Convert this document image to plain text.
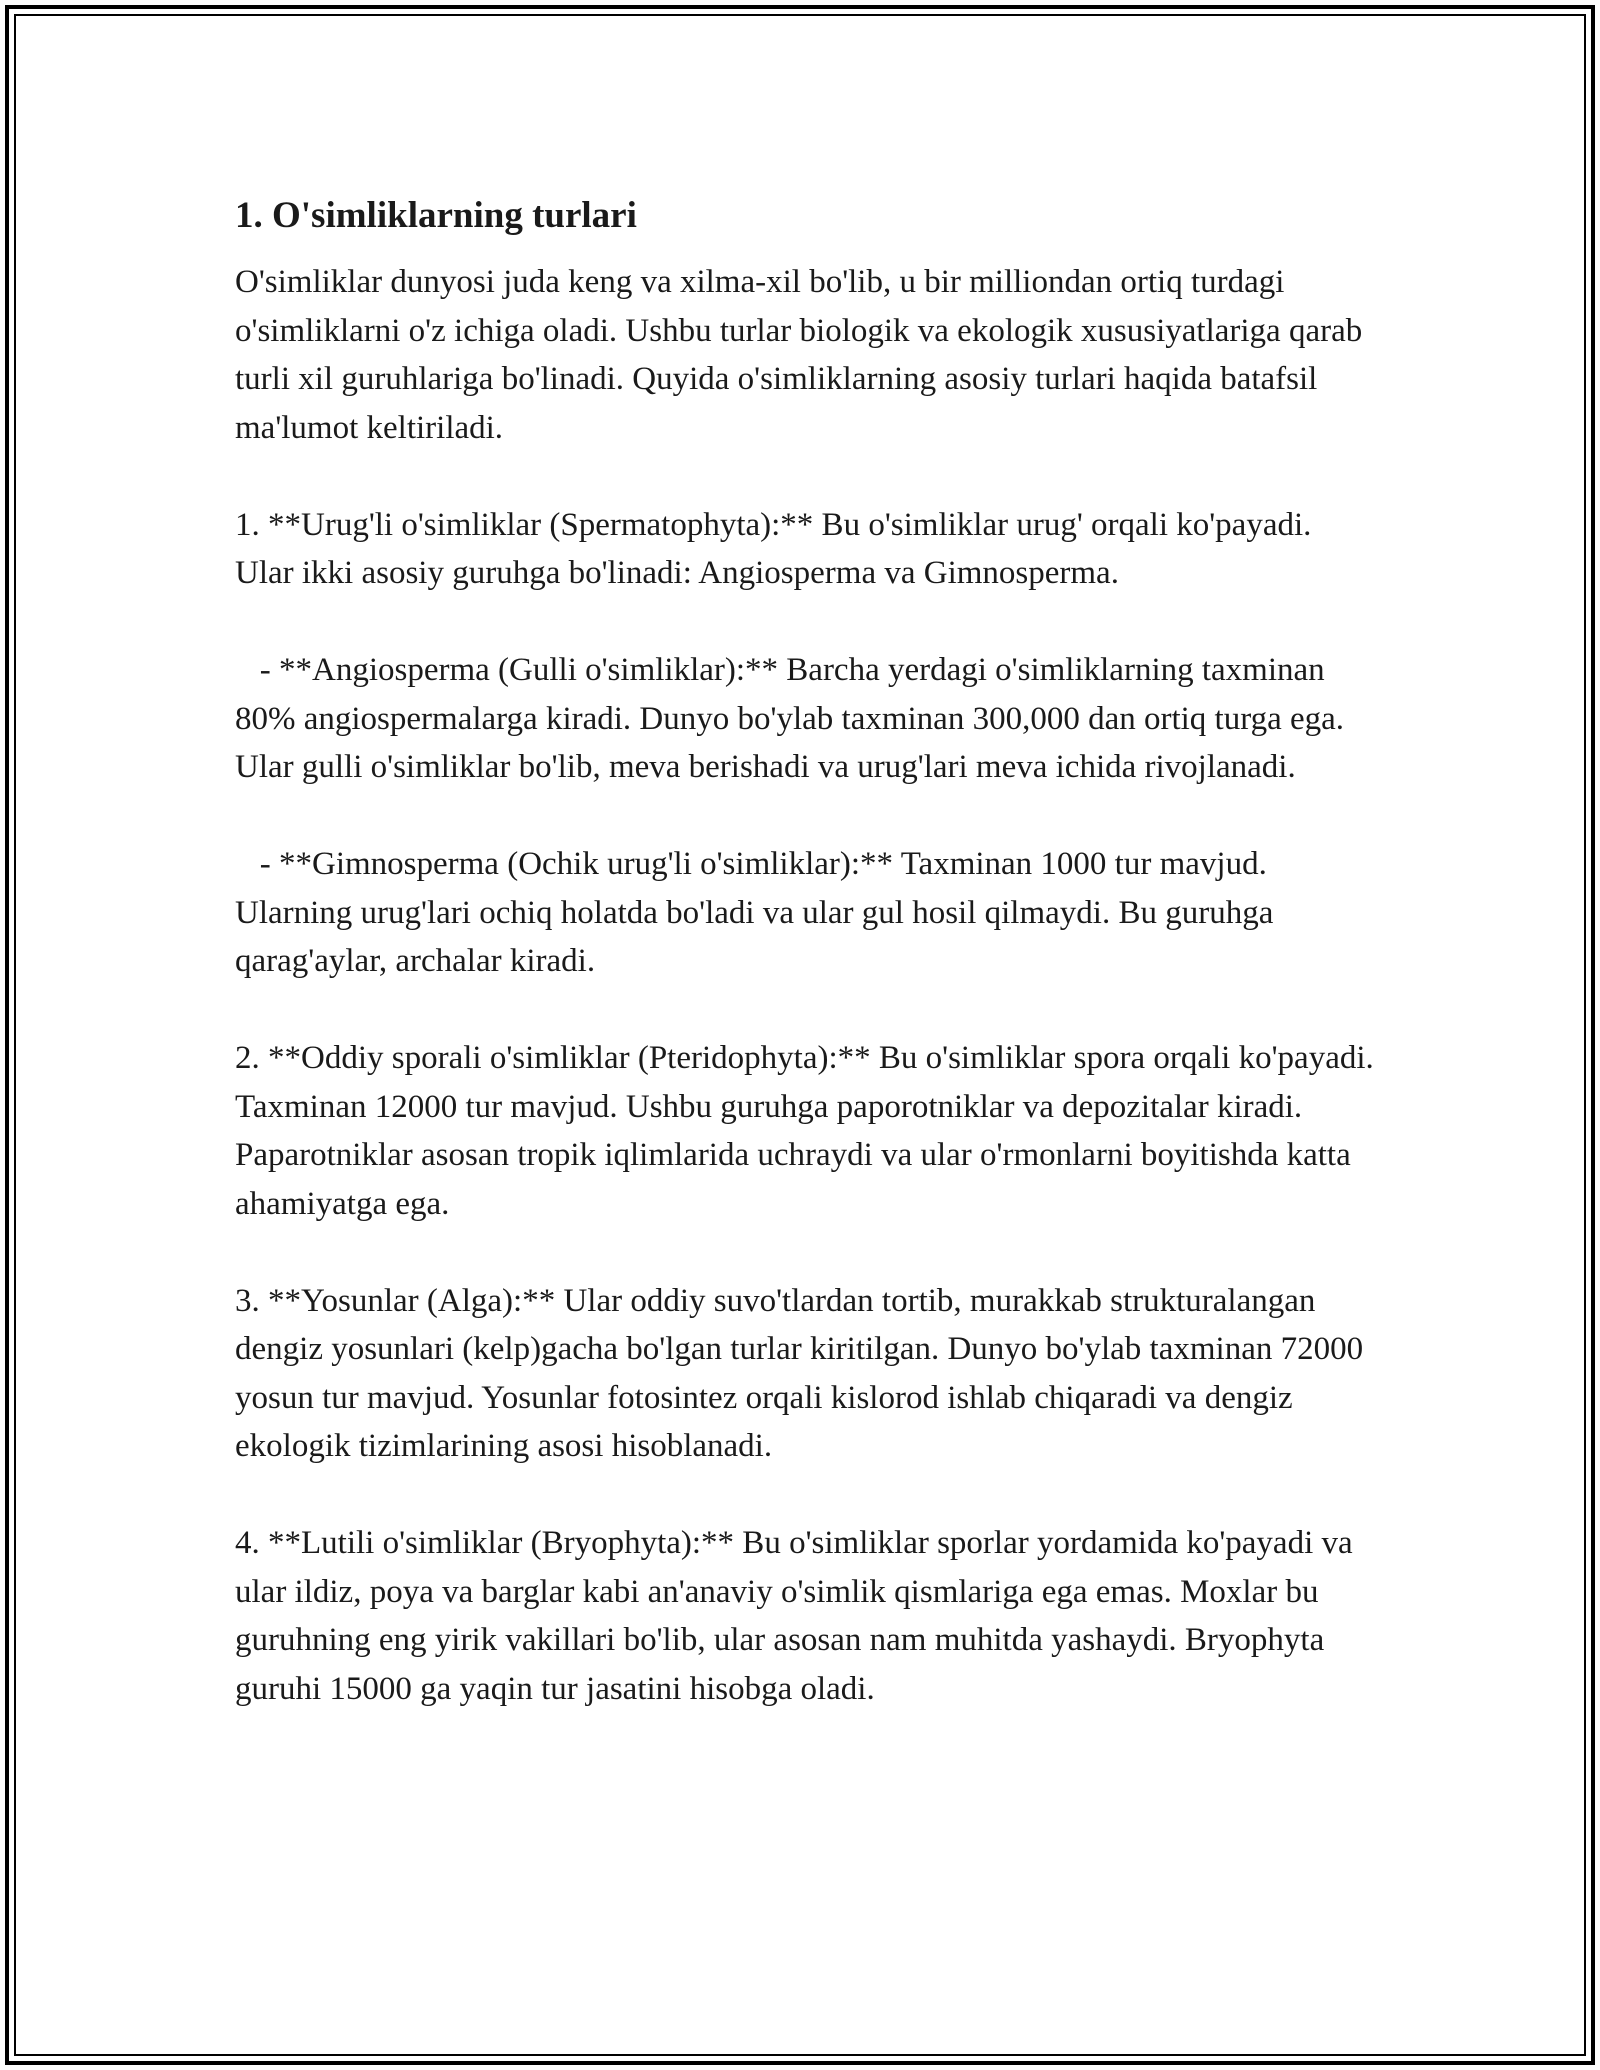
1. O'simliklarning turlari

O'simliklar dunyosi juda keng va xilma-xil bo'lib, u bir milliondan ortiq turdagi o'simliklarni o'z ichiga oladi. Ushbu turlar biologik va ekologik xususiyatlariga qarab turli xil guruhlariga bo'linadi. Quyida o'simliklarning asosiy turlari haqida batafsil ma'lumot keltiriladi.

1. **Urug'li o'simliklar (Spermatophyta):** Bu o'simliklar urug' orqali ko'payadi. Ular ikki asosiy guruhga bo'linadi: Angiosperma va Gimnosperma.

- **Angiosperma (Gulli o'simliklar):** Barcha yerdagi o'simliklarning taxminan 80% angiospermalarga kiradi. Dunyo bo'ylab taxminan 300,000 dan ortiq turga ega. Ular gulli o'simliklar bo'lib, meva berishadi va urug'lari meva ichida rivojlanadi.

- **Gimnosperma (Ochik urug'li o'simliklar):** Taxminan 1000 tur mavjud. Ularning urug'lari ochiq holatda bo'ladi va ular gul hosil qilmaydi. Bu guruhga qarag'aylar, archalar kiradi.

2. **Oddiy sporali o'simliklar (Pteridophyta):** Bu o'simliklar spora orqali ko'payadi. Taxminan 12000 tur mavjud. Ushbu guruhga paporotniklar va depozitalar kiradi. Paparotniklar asosan tropik iqlimlarida uchraydi va ular o'rmonlarni boyitishda katta ahamiyatga ega.

3. **Yosunlar (Alga):** Ular oddiy suvo'tlardan tortib, murakkab strukturalangan dengiz yosunlari (kelp)gacha bo'lgan turlar kiritilgan. Dunyo bo'ylab taxminan 72000 yosun tur mavjud. Yosunlar fotosintez orqali kislorod ishlab chiqaradi va dengiz ekologik tizimlarining asosi hisoblanadi.

4. **Lutili o'simliklar (Bryophyta):** Bu o'simliklar sporlar yordamida ko'payadi va ular ildiz, poya va barglar kabi an'anaviy o'simlik qismlariga ega emas. Moxlar bu guruhning eng yirik vakillari bo'lib, ular asosan nam muhitda yashaydi. Bryophyta guruhi 15000 ga yaqin tur jasatini hisobga oladi.
